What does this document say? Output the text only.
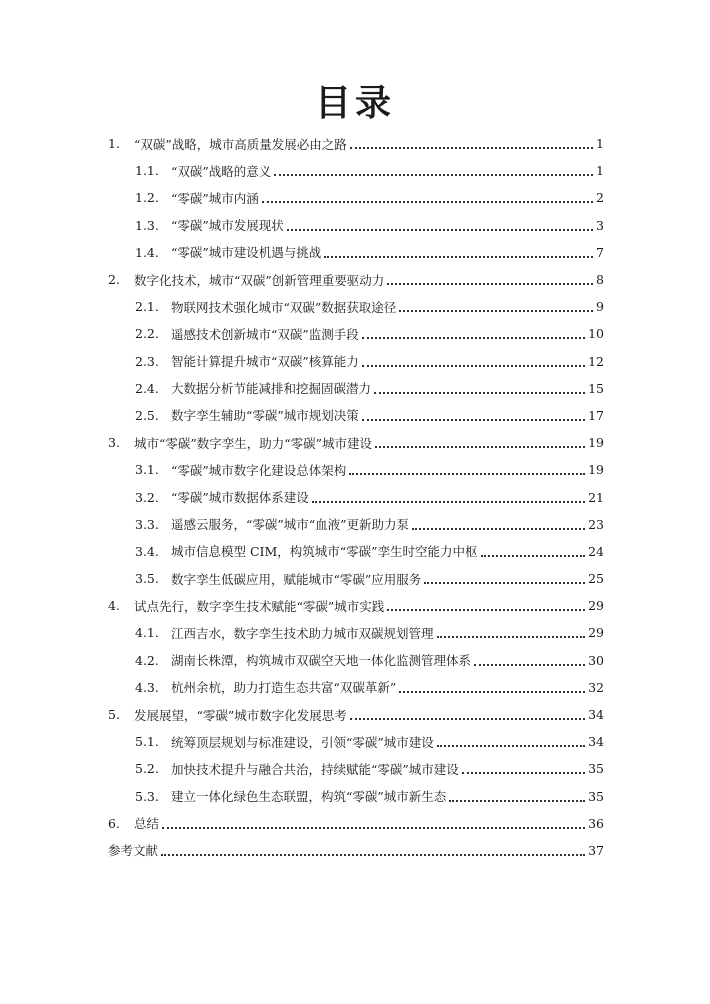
目录
1.	“双碳”战略，城市高质量发展必由之路	1
1.1. “双碳”战略的意义	1
1.2. “零碳”城市内涵	2
1.3. “零碳”城市发展现状	3
1.4. “零碳”城市建设机遇与挑战	7
2.	数字化技术，城市“双碳”创新管理重要驱动力	8
2.1. 物联网技术强化城市“双碳”数据获取途径	9
2.2. 遥感技术创新城市“双碳”监测手段	10
2.3. 智能计算提升城市“双碳”核算能力	12
2.4. 大数据分析节能减排和挖掘固碳潜力	15
2.5. 数字孪生辅助“零碳”城市规划决策	17
3.	城市“零碳”数字孪生，助力“零碳”城市建设	19
3.1. “零碳”城市数字化建设总体架构	19
3.2. “零碳”城市数据体系建设	21
3.3. 遥感云服务，“零碳”城市“血液”更新助力泵	23
3.4. 城市信息模型 CIM，构筑城市“零碳”孪生时空能力中枢	24
3.5. 数字孪生低碳应用，赋能城市“零碳”应用服务	25
4.	试点先行，数字孪生技术赋能“零碳”城市实践	29
4.1. 江西吉水，数字孪生技术助力城市双碳规划管理	29
4.2. 湖南长株潭，构筑城市双碳空天地一体化监测管理体系	30
4.3. 杭州余杭，助力打造生态共富“双碳革新”	32
5.	发展展望，“零碳”城市数字化发展思考	34
5.1. 统筹顶层规划与标准建设，引领“零碳”城市建设	34
5.2. 加快技术提升与融合共治，持续赋能“零碳”城市建设	35
5.3. 建立一体化绿色生态联盟，构筑“零碳”城市新生态	35
6.	总结	36
参考文献	37
